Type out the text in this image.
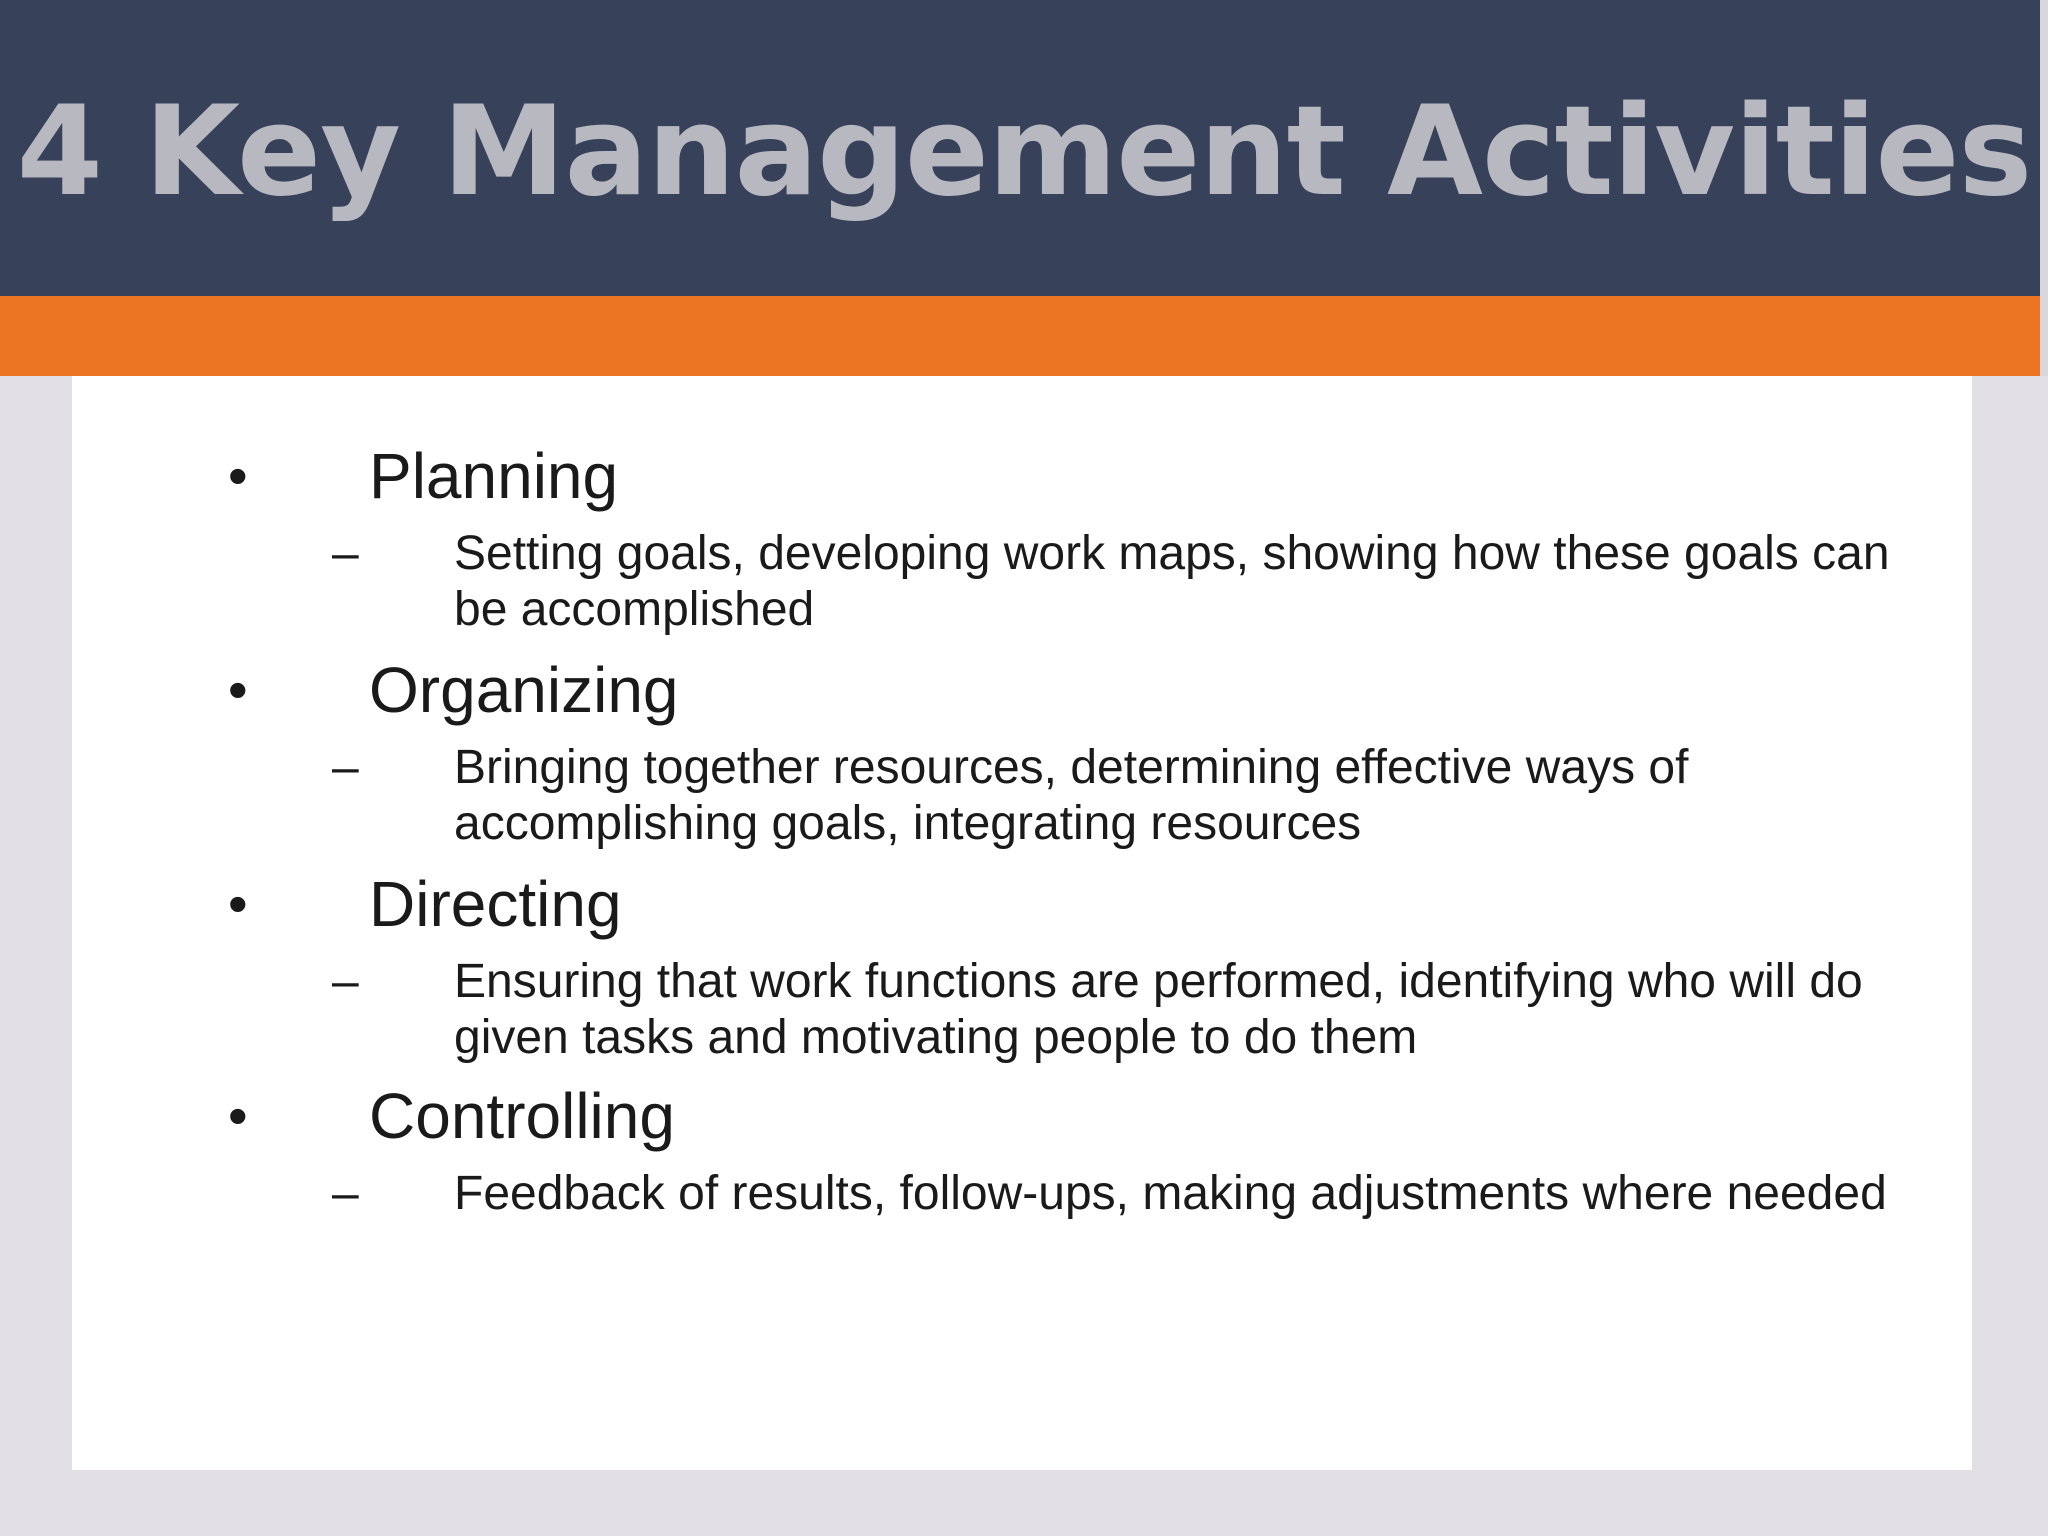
4 Key Management Activities
• Planning
– Setting goals, developing work maps, showing how these goals can be accomplished
• Organizing
– Bringing together resources, determining effective ways of accomplishing goals, integrating resources
• Directing
– Ensuring that work functions are performed, identifying who will do given tasks and motivating people to do them
• Controlling
– Feedback of results, follow-ups, making adjustments where needed
